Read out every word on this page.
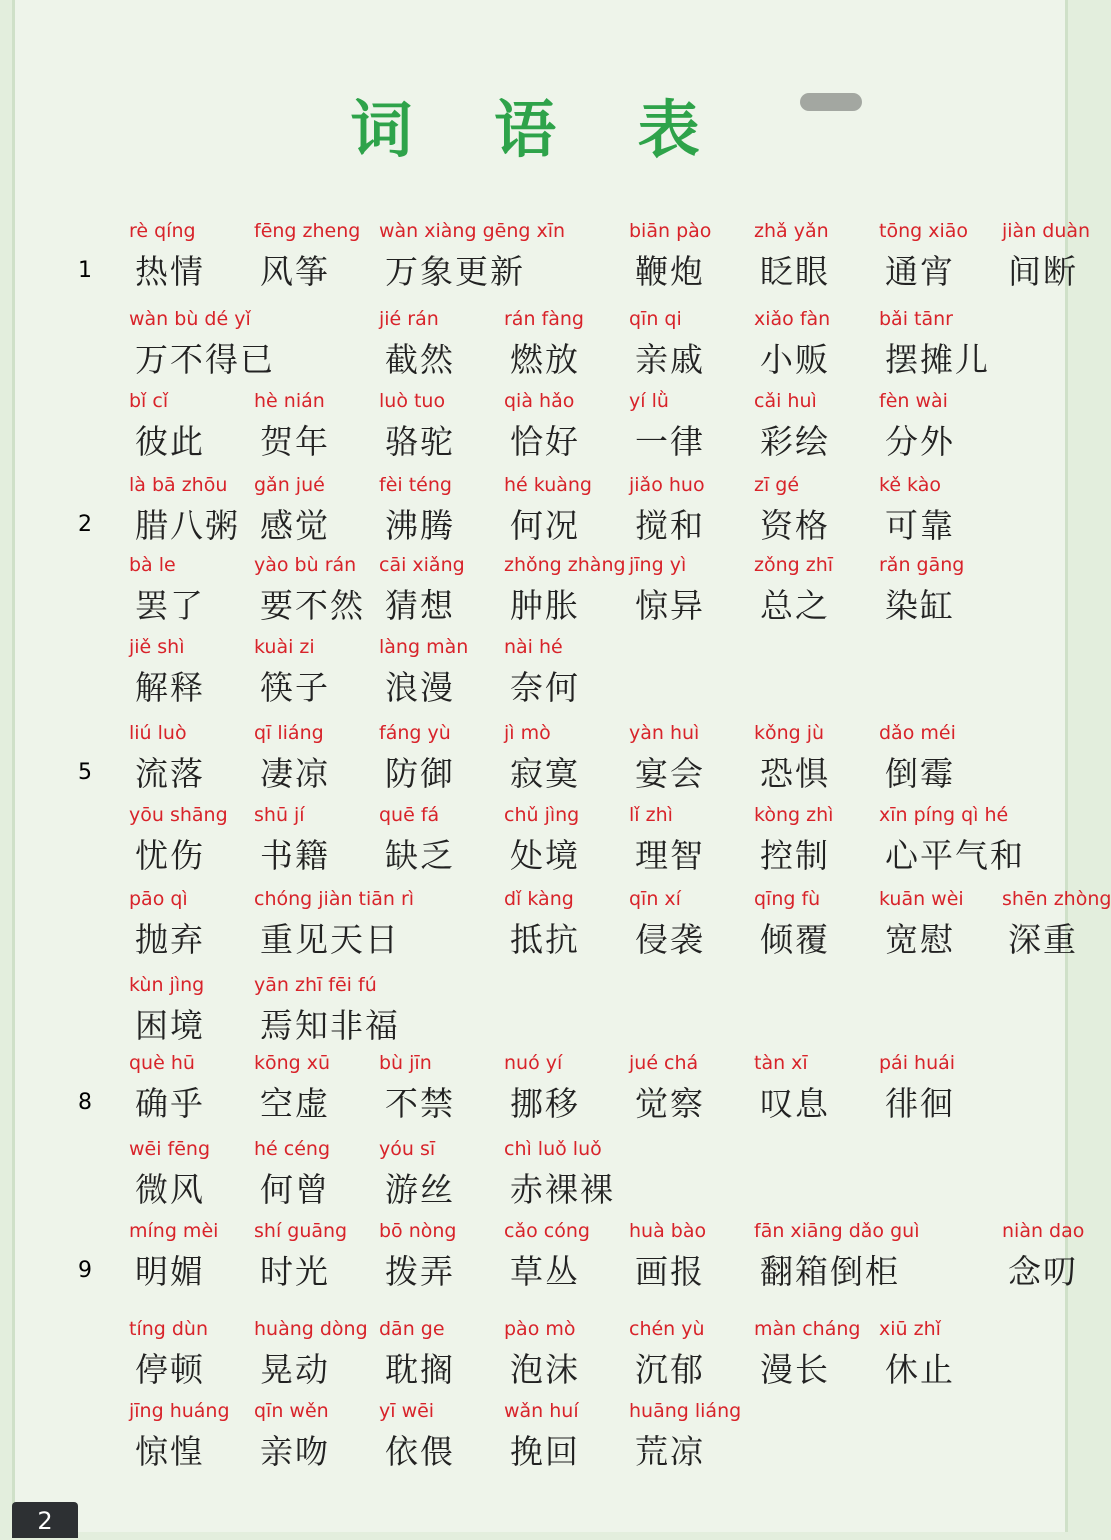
词 语 表
1
rè qíng
热情
fēng zheng
风筝
wàn xiàng gēng xīn
万象更新
biān pào
鞭炮
zhǎ yǎn
眨眼
tōng xiāo
通宵
jiàn duàn
间断
wàn bù dé yǐ
万不得已
jié rán
截然
rán fàng
燃放
qīn qi
亲戚
xiǎo fàn
小贩
bǎi tānr
摆摊儿
bǐ cǐ
彼此
hè nián
贺年
luò tuo
骆驼
qià hǎo
恰好
yí lǜ
一律
cǎi huì
彩绘
fèn wài
分外
2
là bā zhōu
腊八粥
gǎn jué
感觉
fèi téng
沸腾
hé kuàng
何况
jiǎo huo
搅和
zī gé
资格
kě kào
可靠
bà le
罢了
yào bù rán
要不然
cāi xiǎng
猜想
zhǒng zhàng
肿胀
jīng yì
惊异
zǒng zhī
总之
rǎn gāng
染缸
jiě shì
解释
kuài zi
筷子
làng màn
浪漫
nài hé
奈何
5
liú luò
流落
qī liáng
凄凉
fáng yù
防御
jì mò
寂寞
yàn huì
宴会
kǒng jù
恐惧
dǎo méi
倒霉
yōu shāng
忧伤
shū jí
书籍
quē fá
缺乏
chǔ jìng
处境
lǐ zhì
理智
kòng zhì
控制
xīn píng qì hé
心平气和
pāo qì
抛弃
chóng jiàn tiān rì
重见天日
dǐ kàng
抵抗
qīn xí
侵袭
qīng fù
倾覆
kuān wèi
宽慰
shēn zhòng
深重
kùn jìng
困境
yān zhī fēi fú
焉知非福
8
què hū
确乎
kōng xū
空虚
bù jīn
不禁
nuó yí
挪移
jué chá
觉察
tàn xī
叹息
pái huái
徘徊
wēi fēng
微风
hé céng
何曾
yóu sī
游丝
chì luǒ luǒ
赤裸裸
9
míng mèi
明媚
shí guāng
时光
bō nòng
拨弄
cǎo cóng
草丛
huà bào
画报
fān xiāng dǎo guì
翻箱倒柜
niàn dao
念叨
tíng dùn
停顿
huàng dòng
晃动
dān ge
耽搁
pào mò
泡沫
chén yù
沉郁
màn cháng
漫长
xiū zhǐ
休止
jīng huáng
惊惶
qīn wěn
亲吻
yī wēi
依偎
wǎn huí
挽回
huāng liáng
荒凉
2
